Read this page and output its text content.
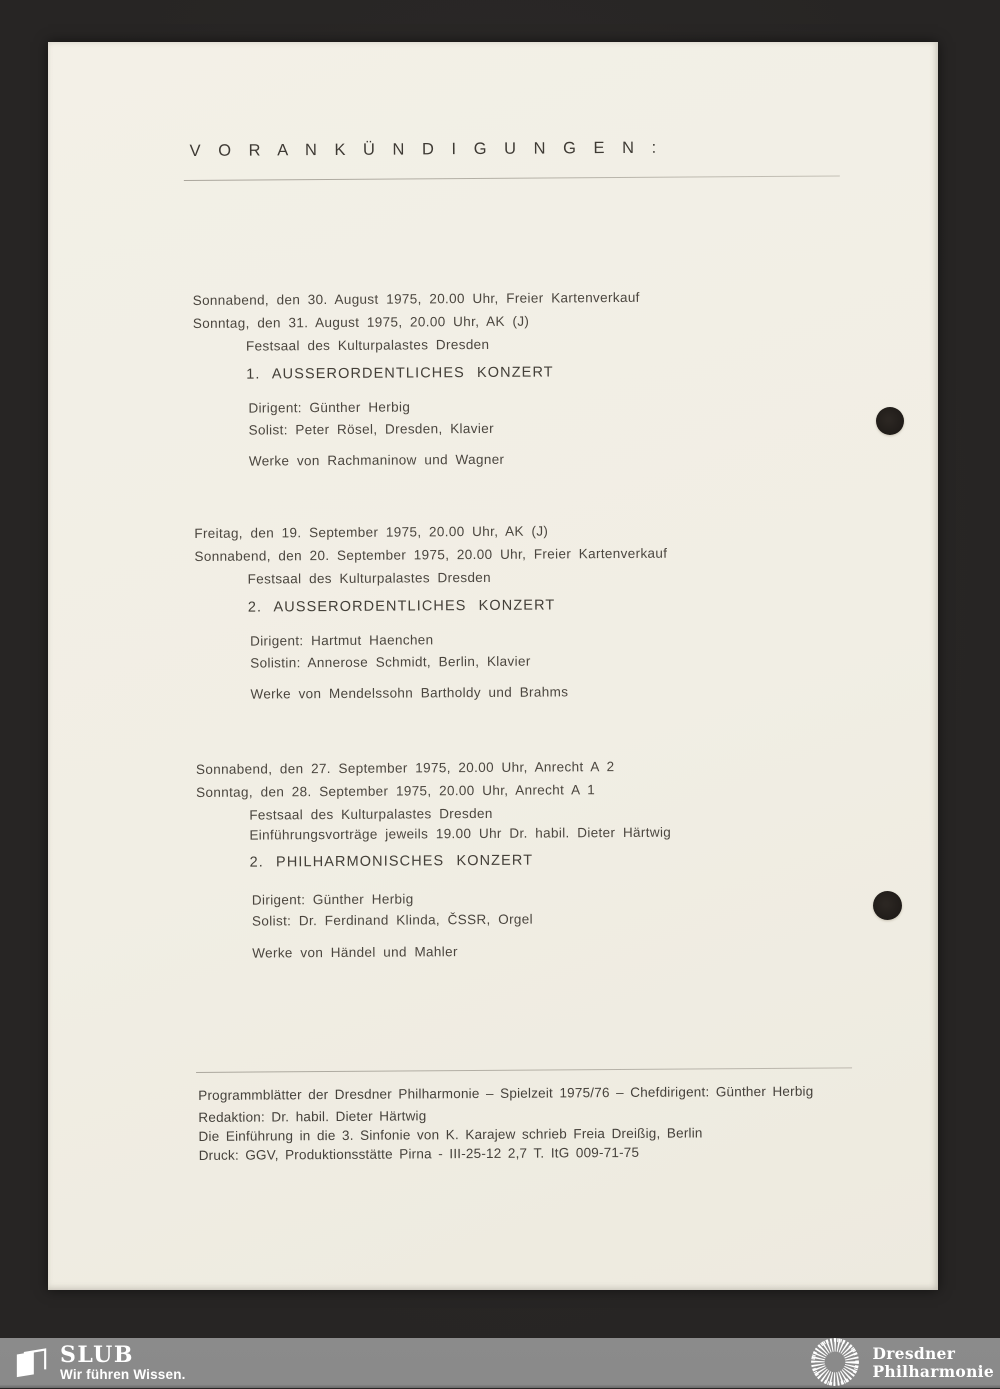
V O R A N K Ü N D I G U N G E N :

Sonnabend, den 30. August 1975, 20.00 Uhr, Freier Kartenverkauf

Sonntag, den 31. August 1975, 20.00 Uhr, AK (J)

Festsaal des Kulturpalastes Dresden

1. AUSSERORDENTLICHES KONZERT

Dirigent: Günther Herbig

Solist: Peter Rösel, Dresden, Klavier

Werke von Rachmaninow und Wagner

Freitag, den 19. September 1975, 20.00 Uhr, AK (J)

Sonnabend, den 20. September 1975, 20.00 Uhr, Freier Kartenverkauf

Festsaal des Kulturpalastes Dresden

2. AUSSERORDENTLICHES KONZERT

Dirigent: Hartmut Haenchen

Solistin: Annerose Schmidt, Berlin, Klavier

Werke von Mendelssohn Bartholdy und Brahms

Sonnabend, den 27. September 1975, 20.00 Uhr, Anrecht A 2

Sonntag, den 28. September 1975, 20.00 Uhr, Anrecht A 1

Festsaal des Kulturpalastes Dresden

Einführungsvorträge jeweils 19.00 Uhr Dr. habil. Dieter Härtwig

2. PHILHARMONISCHES KONZERT

Dirigent: Günther Herbig

Solist: Dr. Ferdinand Klinda, ČSSR, Orgel

Werke von Händel und Mahler

Programmblätter der Dresdner Philharmonie – Spielzeit 1975/76 – Chefdirigent: Günther Herbig

Redaktion: Dr. habil. Dieter Härtwig

Die Einführung in die 3. Sinfonie von K. Karajew schrieb Freia Dreißig, Berlin

Druck: GGV, Produktionsstätte Pirna - III-25-12 2,7 T. ItG 009-71-75

SLUB
Wir führen Wissen.
Dresdner
Philharmonie
